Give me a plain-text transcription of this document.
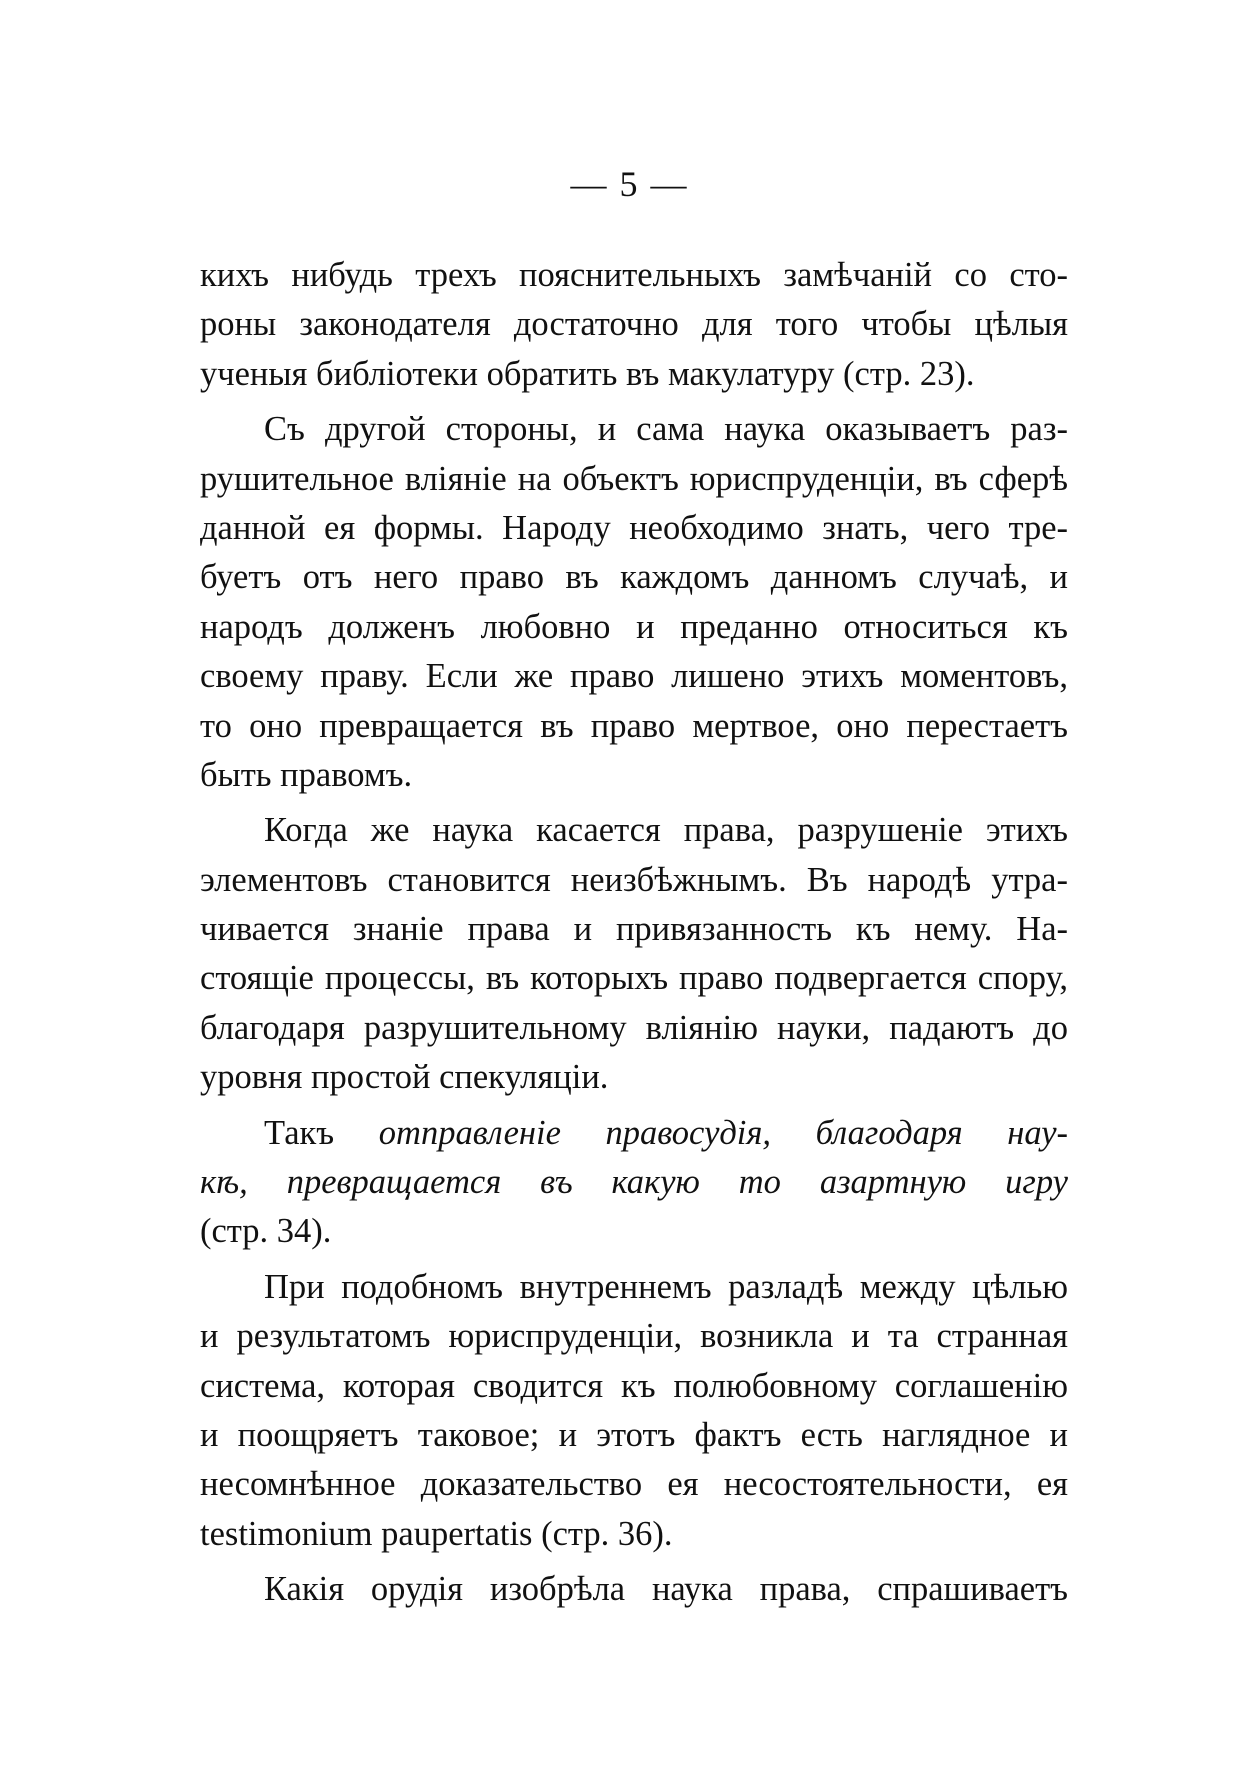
— 5 —
кихъ нибудь трехъ пояснительныхъ замѣчаній со сто-
роны законодателя достаточно для того чтобы цѣлыя
ученыя библіотеки обратить въ макулатуру (стр. 23).
Съ другой стороны, и сама наука оказываетъ раз-
рушительное вліяніе на объектъ юриспруденціи, въ сферѣ
данной ея формы. Народу необходимо знать, чего тре-
буетъ отъ него право въ каждомъ данномъ случаѣ, и
народъ долженъ любовно и преданно относиться къ
своему праву. Если же право лишено этихъ моментовъ,
то оно превращается въ право мертвое, оно перестаетъ
быть правомъ.
Когда же наука касается права, разрушеніе этихъ
элементовъ становится неизбѣжнымъ. Въ народѣ утра-
чивается знаніе права и привязанность къ нему. На-
стоящіе процессы, въ которыхъ право подвергается спору,
благодаря разрушительному вліянію науки, падаютъ до
уровня простой спекуляціи.
Такъ отправленіе правосудія, благодаря нау-
кѣ, превращается въ какую то азартную игру
(стр. 34).
При подобномъ внутреннемъ разладѣ между цѣлью
и результатомъ юриспруденціи, возникла и та странная
система, которая сводится къ полюбовному соглашенію
и поощряетъ таковое; и этотъ фактъ есть наглядное и
несомнѣнное доказательство ея несостоятельности, ея
testimonium paupertatis (стр. 36).
Какія орудія изобрѣла наука права, спрашиваетъ
